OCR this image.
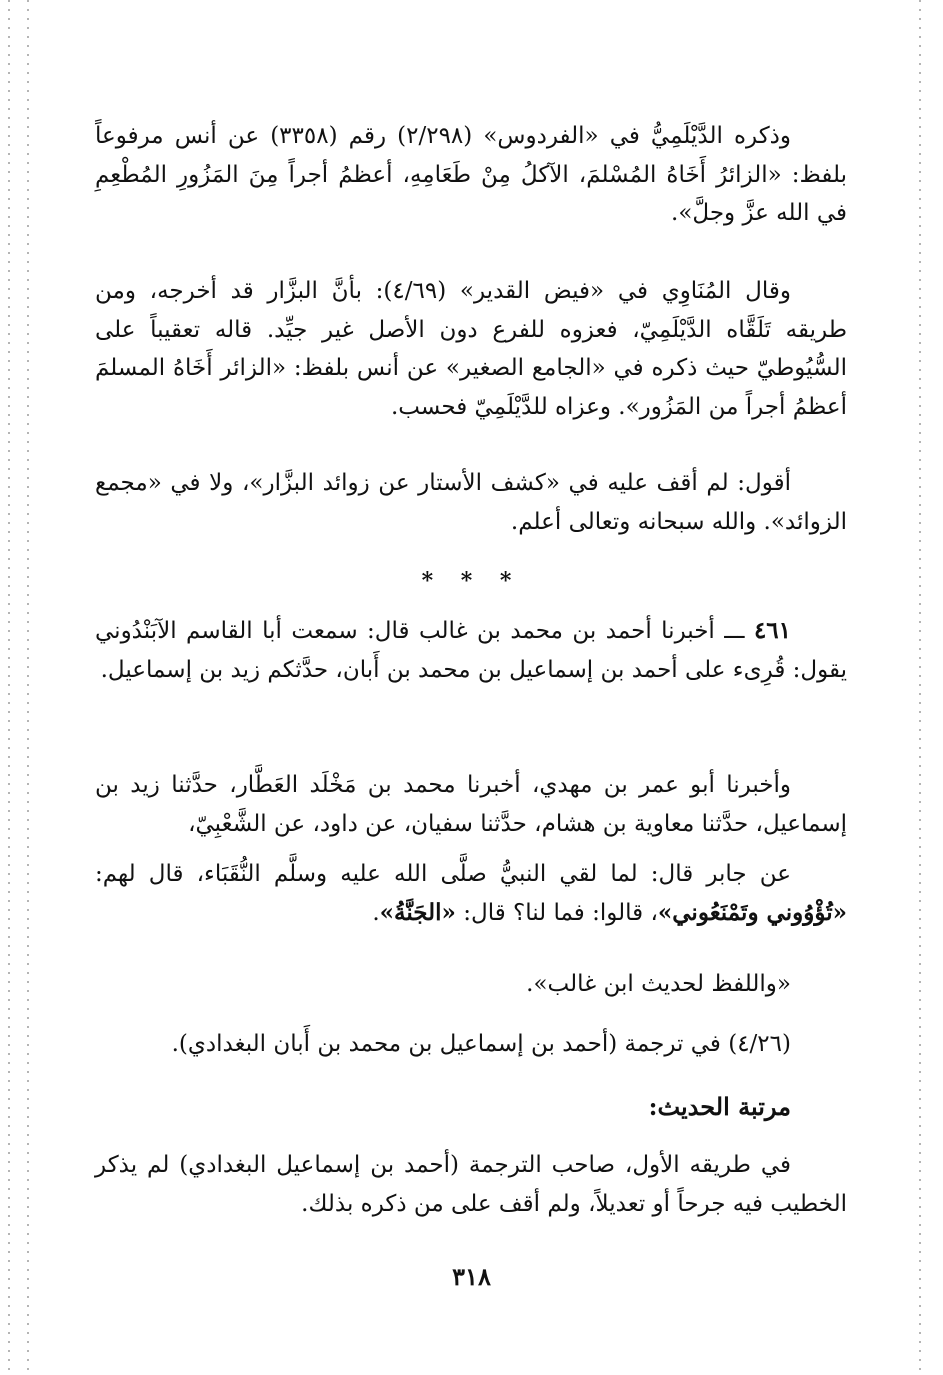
وذكره الدَّيْلَمِيُّ في «الفردوس» (٢/٢٩٨) رقم (٣٣٥٨) عن أنس مرفوعاً بلفظ: «الزائرُ أَخَاهُ المُسْلمَ، الآكلُ مِنْ طَعَامِهِ، أعظمُ أجراً مِنَ المَزُورِ المُطْعِمِ في الله عزَّ وجلَّ».

وقال المُنَاوِي في «فيض القدير» (٤/٦٩): بأنَّ البزَّار قد أخرجه، ومن طريقه تَلَقَّاه الدَّيْلَمِيّ، فعزوه للفرع دون الأصل غير جيِّد. قاله تعقيباً على السُّيُوطيّ حيث ذكره في «الجامع الصغير» عن أنس بلفظ: «الزائر أَخَاهُ المسلمَ أعظمُ أجراً من المَزُور». وعزاه للدَّيْلَمِيّ فحسب.

أقول: لم أقف عليه في «كشف الأستار عن زوائد البزَّار»، ولا في «مجمع الزوائد». والله سبحانه وتعالى أعلم.

* * *

٤٦١ ـــ أخبرنا أحمد بن محمد بن غالب قال: سمعت أبا القاسم الآبَنْدُوني يقول: قُرِىء على أحمد بن إسماعيل بن محمد بن أَبان، حدَّثكم زيد بن إسماعيل.

وأخبرنا أبو عمر بن مهدي، أخبرنا محمد بن مَخْلَد العَطَّار، حدَّثنا زيد بن إسماعيل، حدَّثنا معاوية بن هشام، حدَّثنا سفيان، عن داود، عن الشَّعْبِيّ،

عن جابر قال: لما لقي النبيُّ صلَّى الله عليه وسلَّم النُّقَبَاء، قال لهم: «تُؤْوُوني وتَمْنَعُوني»، قالوا: فما لنا؟ قال: «الجَنَّةُ».

«واللفظ لحديث ابن غالب».

(٤/٢٦) في ترجمة (أحمد بن إسماعيل بن محمد بن أَبان البغدادي).

مرتبة الحديث:

في طريقه الأول، صاحب الترجمة (أحمد بن إسماعيل البغدادي) لم يذكر الخطيب فيه جرحاً أو تعديلاً، ولم أقف على من ذكره بذلك.

٣١٨
